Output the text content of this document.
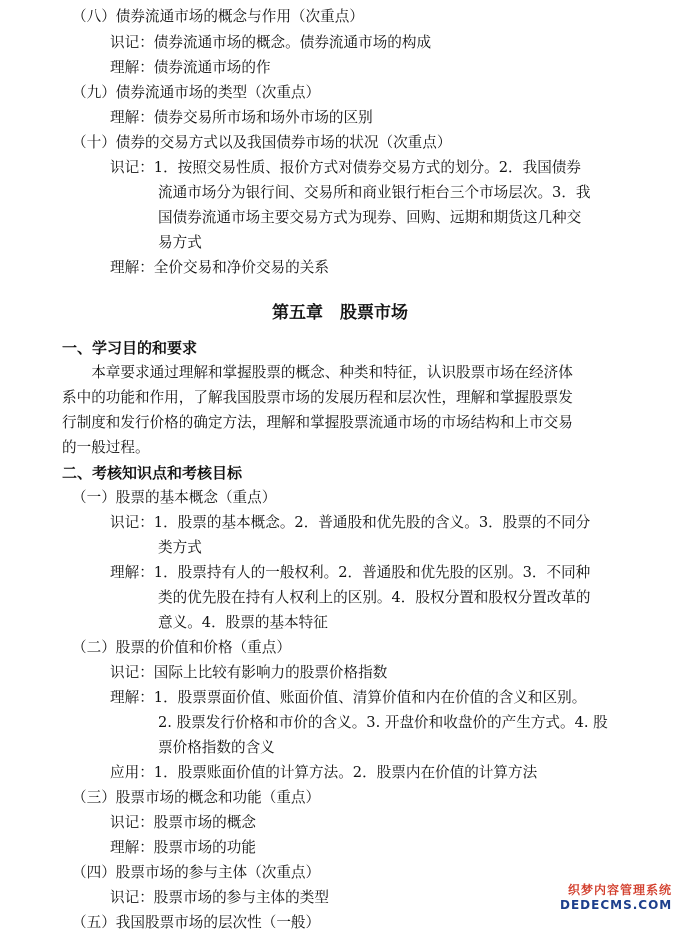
（八）债券流通市场的概念与作用（次重点）
识记：债券流通市场的概念。债券流通市场的构成
理解：债券流通市场的作
（九）债券流通市场的类型（次重点）
理解：债券交易所市场和场外市场的区别
（十）债券的交易方式以及我国债券市场的状况（次重点）
识记：1．按照交易性质、报价方式对债券交易方式的划分。2．我国债券
流通市场分为银行间、交易所和商业银行柜台三个市场层次。3．我
国债券流通市场主要交易方式为现券、回购、远期和期货这几种交
易方式
理解：全价交易和净价交易的关系
第五章　股票市场
一、学习目的和要求
　　本章要求通过理解和掌握股票的概念、种类和特征，认识股票市场在经济体
系中的功能和作用，了解我国股票市场的发展历程和层次性，理解和掌握股票发
行制度和发行价格的确定方法，理解和掌握股票流通市场的市场结构和上市交易
的一般过程。
二、考核知识点和考核目标
（一）股票的基本概念（重点）
识记：1．股票的基本概念。2．普通股和优先股的含义。3．股票的不同分
类方式
理解：1．股票持有人的一般权利。2．普通股和优先股的区别。3．不同种
类的优先股在持有人权利上的区别。4．股权分置和股权分置改革的
意义。4．股票的基本特征
（二）股票的价值和价格（重点）
识记：国际上比较有影响力的股票价格指数
理解：1．股票票面价值、账面价值、清算价值和内在价值的含义和区别。
2. 股票发行价格和市价的含义。3. 开盘价和收盘价的产生方式。4. 股
票价格指数的含义
应用：1．股票账面价值的计算方法。2．股票内在价值的计算方法
（三）股票市场的概念和功能（重点）
识记：股票市场的概念
理解：股票市场的功能
（四）股票市场的参与主体（次重点）
识记：股票市场的参与主体的类型
（五）我国股票市场的层次性（一般）
织梦内容管理系统
DEDECMS.COM
